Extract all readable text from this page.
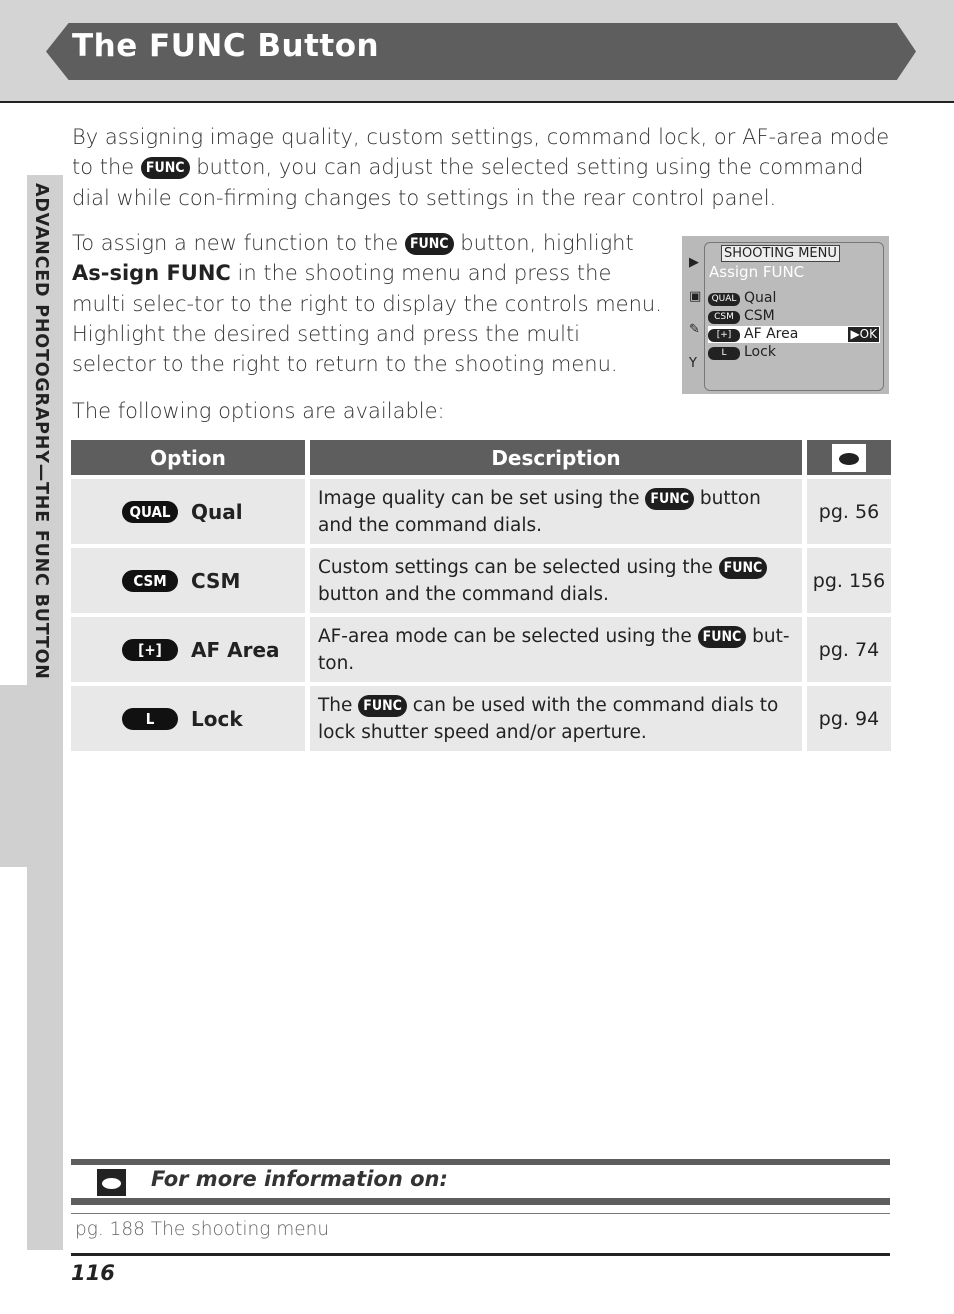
The FUNC Button
ADVANCED PHOTOGRAPHY—THE FUNC BUTTON
By assigning image quality, custom settings, command lock, or AF-area mode to the FUNC button, you can adjust the selected setting using the command dial while con-firming changes to settings in the rear control panel.
To assign a new function to the FUNC button, highlight As-sign FUNC in the shooting menu and press the multi selec-tor to the right to display the controls menu. Highlight the desired setting and press the multi selector to the right to return to the shooting menu.
The following options are available:
▶
▣
✎
Y
SHOOTING MENU
Assign FUNC
QUAL Qual
CSM CSM
[+] AF Area	▶OK
L Lock
Option	Description	

QUAL Qual	Image quality can be set using the FUNC button and the command dials.	pg. 56

CSM CSM	Custom settings can be selected using the FUNC button and the command dials.	pg. 156

[+] AF Area	AF-area mode can be selected using the FUNC but-ton.	pg. 74

L Lock	The FUNC can be used with the command dials to lock shutter speed and/or aperture.	pg. 94
For more information on:
pg. 188 The shooting menu
116
